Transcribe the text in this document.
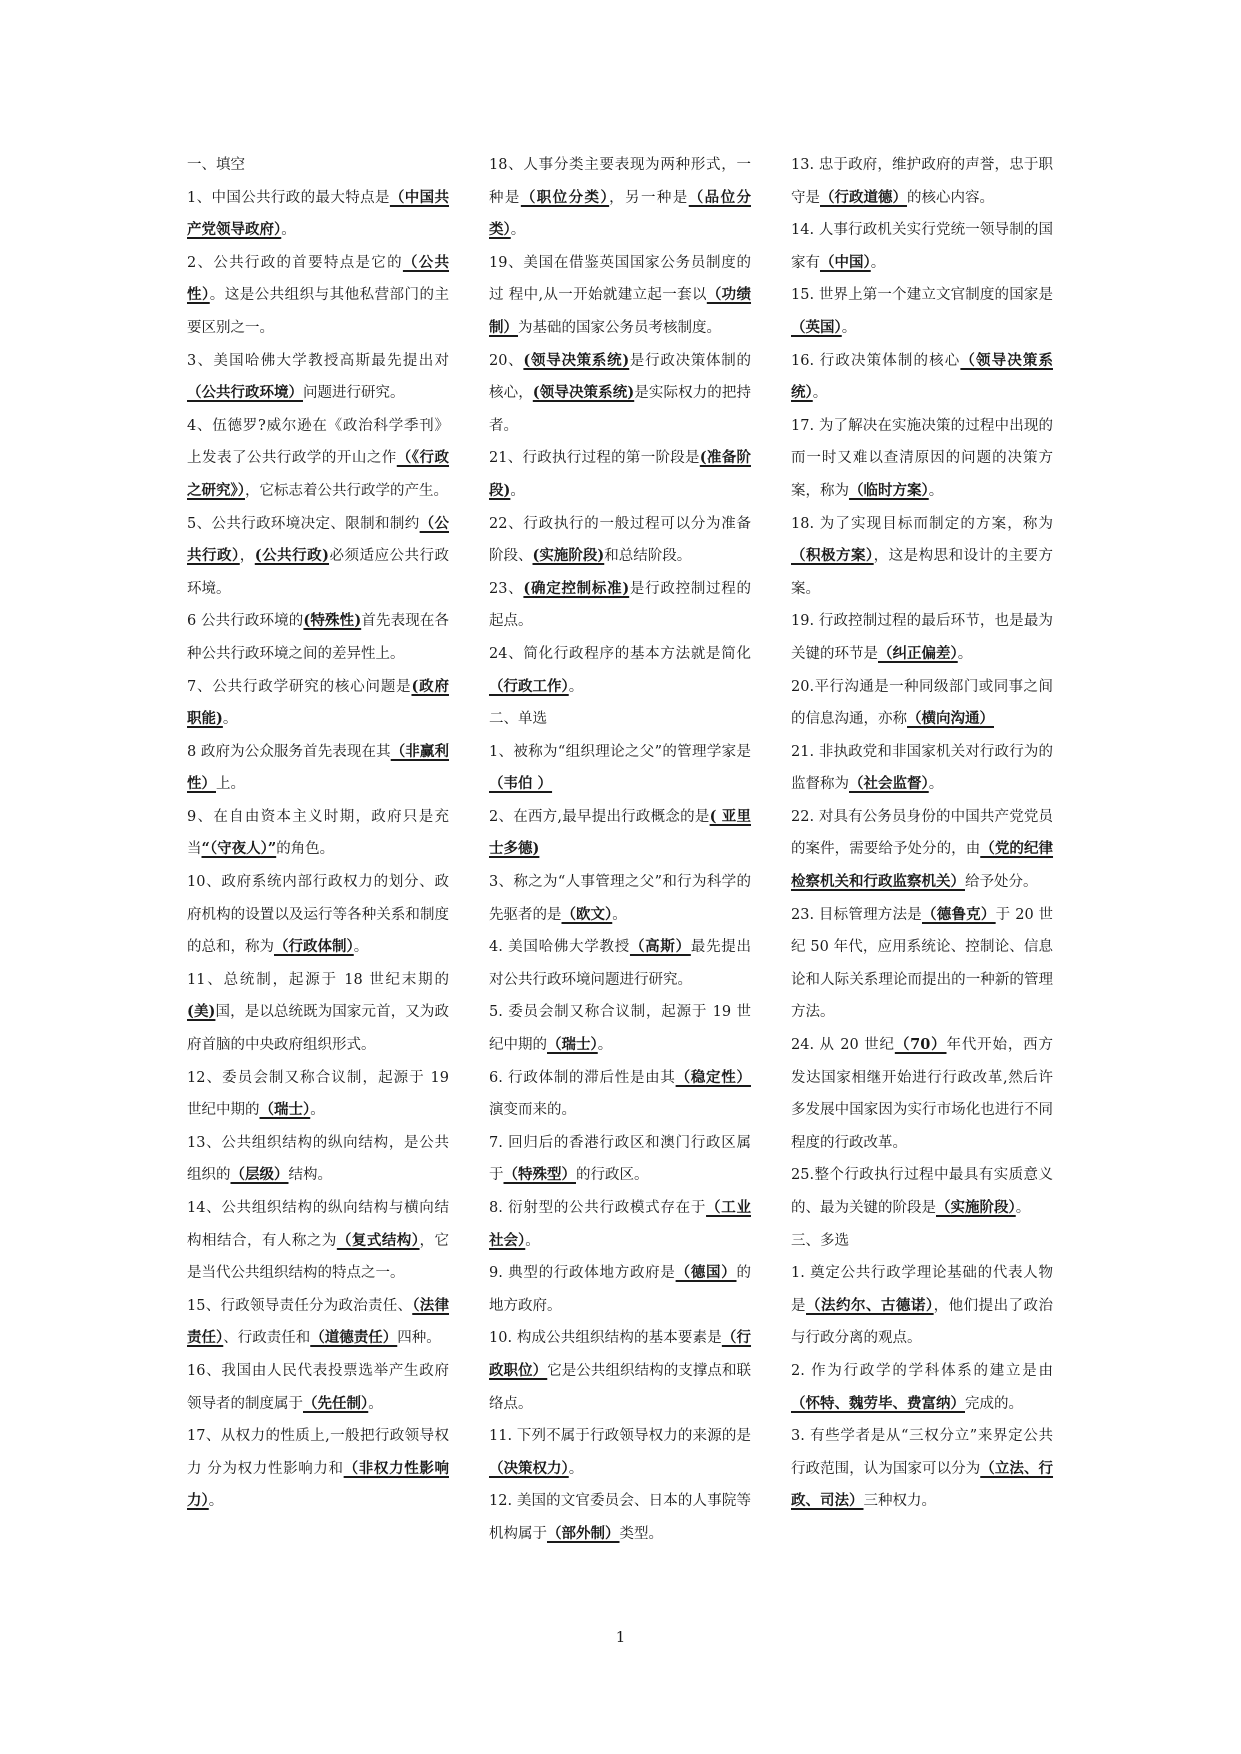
一、填空

1、中国公共行政的最大特点是（中国共产党领导政府）。

2、公共行政的首要特点是它的（公共性）。这是公共组织与其他私营部门的主要区别之一。

3、美国哈佛大学教授高斯最先提出对（公共行政环境）问题进行研究。

4、伍德罗?威尔逊在《政治科学季刊》上发表了公共行政学的开山之作（《行政之研究》），它标志着公共行政学的产生。

5、公共行政环境决定、限制和制约（公共行政），(公共行政)必须适应公共行政环境。

6 公共行政环境的(特殊性)首先表现在各种公共行政环境之间的差异性上。

7、公共行政学研究的核心问题是(政府职能)。

8 政府为公众服务首先表现在其（非赢利性）上。

9、在自由资本主义时期，政府只是充当“（守夜人）”的角色。

10、政府系统内部行政权力的划分、政府机构的设置以及运行等各种关系和制度的总和，称为（行政体制）。

11、总统制，起源于 18 世纪末期的(美)国，是以总统既为国家元首，又为政府首脑的中央政府组织形式。

12、委员会制又称合议制，起源于 19 世纪中期的（瑞士）。

13、公共组织结构的纵向结构，是公共组织的（层级）结构。

14、公共组织结构的纵向结构与横向结构相结合，有人称之为（复式结构），它是当代公共组织结构的特点之一。

15、行政领导责任分为政治责任、（法律责任）、行政责任和（道德责任）四种。

16、我国由人民代表投票选举产生政府领导者的制度属于（先任制）。

17、从权力的性质上,一般把行政领导权力 分为权力性影响力和（非权力性影响力）。

18、人事分类主要表现为两种形式，一种是（职位分类），另一种是（品位分类）。

19、美国在借鉴英国国家公务员制度的过 程中,从一开始就建立起一套以（功绩制）为基础的国家公务员考核制度。

20、(领导决策系统)是行政决策体制的核心，(领导决策系统)是实际权力的把持者。

21、行政执行过程的第一阶段是(准备阶段)。

22、行政执行的一般过程可以分为准备阶段、(实施阶段)和总结阶段。

23、(确定控制标准)是行政控制过程的起点。

24、简化行政程序的基本方法就是简化（行政工作）。

二、单选

1、被称为“组织理论之父”的管理学家是（韦伯 ）

2、在西方,最早提出行政概念的是( 亚里士多德)

3、称之为“人事管理之父”和行为科学的先驱者的是（欧文）。

4. 美国哈佛大学教授（高斯）最先提出对公共行政环境问题进行研究。

5. 委员会制又称合议制，起源于 19 世纪中期的（瑞士）。

6. 行政体制的滞后性是由其（稳定性）演变而来的。

7. 回归后的香港行政区和澳门行政区属于（特殊型）的行政区。

8. 衍射型的公共行政模式存在于（工业社会）。

9. 典型的行政体地方政府是（德国）的地方政府。

10. 构成公共组织结构的基本要素是（行政职位）它是公共组织结构的支撑点和联络点。

11. 下列不属于行政领导权力的来源的是（决策权力）。

12. 美国的文官委员会、日本的人事院等机构属于（部外制）类型。

13. 忠于政府，维护政府的声誉，忠于职守是（行政道德）的核心内容。

14. 人事行政机关实行党统一领导制的国家有（中国）。

15. 世界上第一个建立文官制度的国家是（英国）。

16. 行政决策体制的核心（领导决策系统）。

17. 为了解决在实施决策的过程中出现的而一时又难以查清原因的问题的决策方案，称为（临时方案）。

18. 为了实现目标而制定的方案，称为（积极方案），这是构思和设计的主要方案。

19. 行政控制过程的最后环节，也是最为关键的环节是（纠正偏差）。

20.平行沟通是一种同级部门或同事之间的信息沟通，亦称（横向沟通）

21. 非执政党和非国家机关对行政行为的监督称为（社会监督）。

22. 对具有公务员身份的中国共产党党员的案件，需要给予处分的，由（党的纪律检察机关和行政监察机关）给予处分。

23. 目标管理方法是（德鲁克）于 20 世纪 50 年代，应用系统论、控制论、信息论和人际关系理论而提出的一种新的管理方法。

24. 从 20 世纪（70）年代开始，西方发达国家相继开始进行行政改革,然后许多发展中国家因为实行市场化也进行不同程度的行政改革。

25.整个行政执行过程中最具有实质意义的、最为关键的阶段是（实施阶段）。

三、多选

1. 奠定公共行政学理论基础的代表人物是（法约尔、古德诺），他们提出了政治与行政分离的观点。

2. 作为行政学的学科体系的建立是由（怀特、魏劳毕、费富纳）完成的。

3. 有些学者是从“三权分立”来界定公共行政范围，认为国家可以分为（立法、行政、司法）三种权力。

1
